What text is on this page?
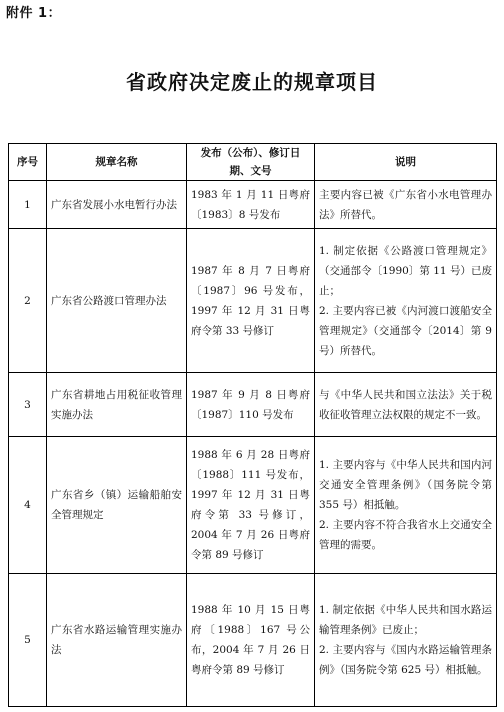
附件 1：
省政府决定废止的规章项目
序号	规章名称	发布（公布）、修订日期、文号	说明
1	广东省发展小水电暂行办法	1983 年 1 月 11 日粤府〔1983〕8 号发布	主要内容已被《广东省小水电管理办法》所替代。

2	广东省公路渡口管理办法	1987 年 8 月 7 日粤府〔1987〕96 号发布，1997 年 12 月 31 日粤府令第 33 号修订	1. 制定依据《公路渡口管理规定》（交通部令〔1990〕第 11 号）已废止；

2. 主要内容已被《内河渡口渡船安全管理规定》（交通部令〔2014〕第 9 号）所替代。

3	广东省耕地占用税征收管理实施办法	1987 年 9 月 8 日粤府〔1987〕110 号发布	与《中华人民共和国立法法》关于税收征收管理立法权限的规定不一致。

4	广东省乡（镇）运输船舶安全管理规定	1988 年 6 月 28 日粤府〔1988〕111 号发布，1997 年 12 月 31 日粤府令第 33 号修订，2004 年 7 月 26 日粤府令第 89 号修订	1. 主要内容与《中华人民共和国内河交通安全管理条例》（国务院令第 355 号）相抵触。

2. 主要内容不符合我省水上交通安全管理的需要。

5	广东省水路运输管理实施办法	1988 年 10 月 15 日粤府〔1988〕167 号公布，2004 年 7 月 26 日粤府令第 89 号修订	1. 制定依据《中华人民共和国水路运输管理条例》已废止；

2. 主要内容与《国内水路运输管理条例》（国务院令第 625 号）相抵触。
